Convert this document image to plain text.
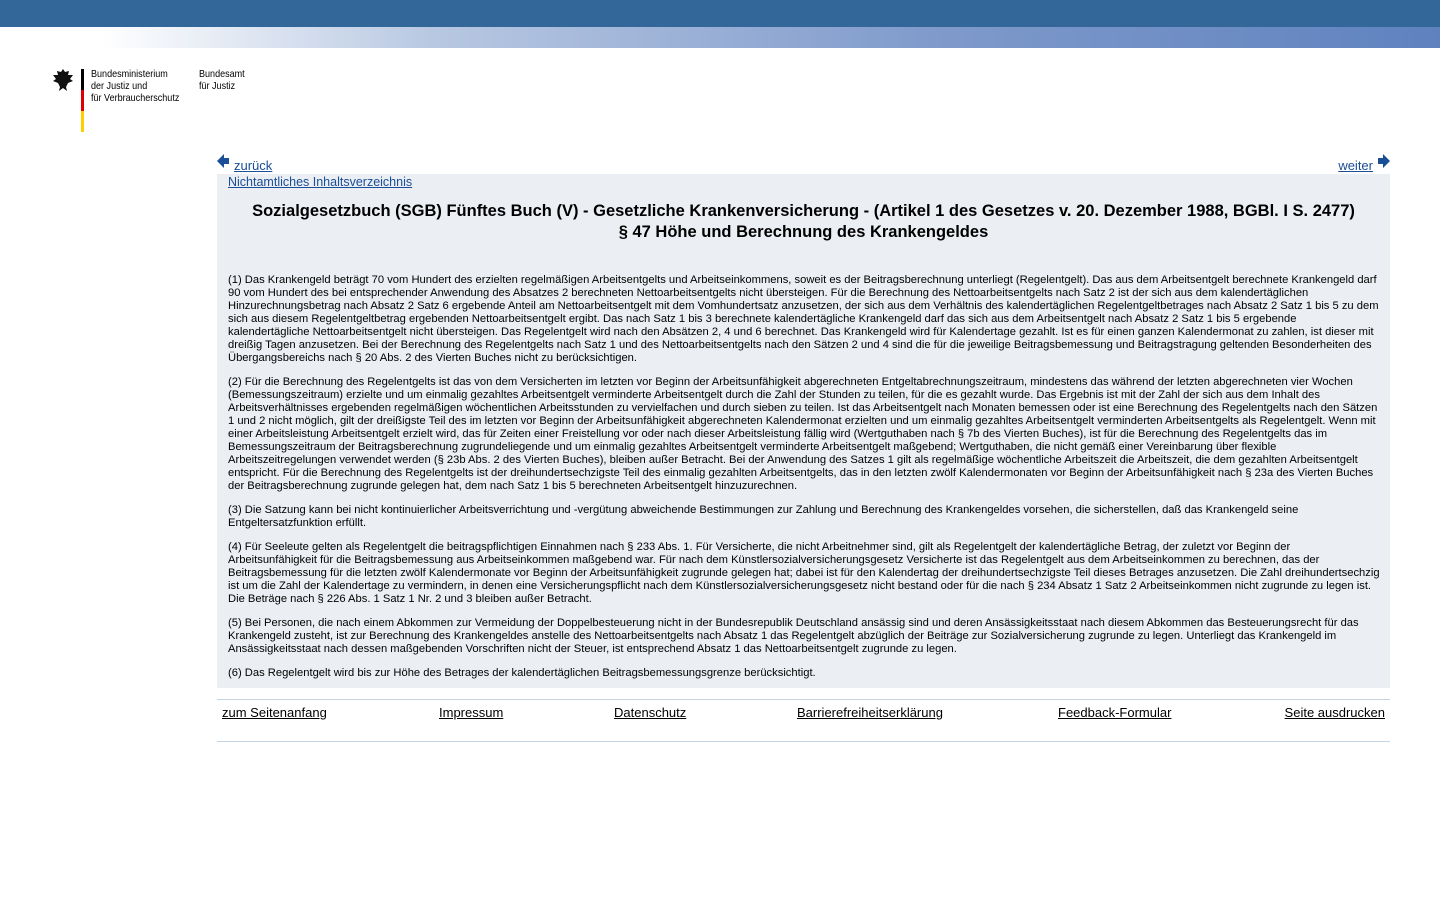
Bundesministerium
der Justiz und
für Verbraucherschutz
Bundesamt
für Justiz
zurück	weiter
Nichtamtliches Inhaltsverzeichnis
Sozialgesetzbuch (SGB) Fünftes Buch (V) - Gesetzliche Krankenversicherung - (Artikel 1 des Gesetzes v. 20. Dezember 1988, BGBl. I S. 2477)
§ 47 Höhe und Berechnung des Krankengeldes

(1) Das Krankengeld beträgt 70 vom Hundert des erzielten regelmäßigen Arbeitsentgelts und Arbeitseinkommens, soweit es der Beitragsberechnung unterliegt (Regelentgelt). Das aus dem Arbeitsentgelt berechnete Krankengeld darf 90 vom Hundert des bei entsprechender Anwendung des Absatzes 2 berechneten Nettoarbeitsentgelts nicht übersteigen. Für die Berechnung des Nettoarbeitsentgelts nach Satz 2 ist der sich aus dem kalendertäglichen Hinzurechnungsbetrag nach Absatz 2 Satz 6 ergebende Anteil am Nettoarbeitsentgelt mit dem Vomhundertsatz anzusetzen, der sich aus dem Verhältnis des kalendertäglichen Regelentgeltbetrages nach Absatz 2 Satz 1 bis 5 zu dem sich aus diesem Regelentgeltbetrag ergebenden Nettoarbeitsentgelt ergibt. Das nach Satz 1 bis 3 berechnete kalendertägliche Krankengeld darf das sich aus dem Arbeitsentgelt nach Absatz 2 Satz 1 bis 5 ergebende kalendertägliche Nettoarbeitsentgelt nicht übersteigen. Das Regelentgelt wird nach den Absätzen 2, 4 und 6 berechnet. Das Krankengeld wird für Kalendertage gezahlt. Ist es für einen ganzen Kalendermonat zu zahlen, ist dieser mit dreißig Tagen anzusetzen. Bei der Berechnung des Regelentgelts nach Satz 1 und des Nettoarbeitsentgelts nach den Sätzen 2 und 4 sind die für die jeweilige Beitragsbemessung und Beitragstragung geltenden Besonderheiten des Übergangsbereichs nach § 20 Abs. 2 des Vierten Buches nicht zu berücksichtigen.

(2) Für die Berechnung des Regelentgelts ist das von dem Versicherten im letzten vor Beginn der Arbeitsunfähigkeit abgerechneten Entgeltabrechnungszeitraum, mindestens das während der letzten abgerechneten vier Wochen (Bemessungszeitraum) erzielte und um einmalig gezahltes Arbeitsentgelt verminderte Arbeitsentgelt durch die Zahl der Stunden zu teilen, für die es gezahlt wurde. Das Ergebnis ist mit der Zahl der sich aus dem Inhalt des Arbeitsverhältnisses ergebenden regelmäßigen wöchentlichen Arbeitsstunden zu vervielfachen und durch sieben zu teilen. Ist das Arbeitsentgelt nach Monaten bemessen oder ist eine Berechnung des Regelentgelts nach den Sätzen 1 und 2 nicht möglich, gilt der dreißigste Teil des im letzten vor Beginn der Arbeitsunfähigkeit abgerechneten Kalendermonat erzielten und um einmalig gezahltes Arbeitsentgelt verminderten Arbeitsentgelts als Regelentgelt. Wenn mit einer Arbeitsleistung Arbeitsentgelt erzielt wird, das für Zeiten einer Freistellung vor oder nach dieser Arbeitsleistung fällig wird (Wertguthaben nach § 7b des Vierten Buches), ist für die Berechnung des Regelentgelts das im Bemessungszeitraum der Beitragsberechnung zugrundeliegende und um einmalig gezahltes Arbeitsentgelt verminderte Arbeitsentgelt maßgebend; Wertguthaben, die nicht gemäß einer Vereinbarung über flexible Arbeitszeitregelungen verwendet werden (§ 23b Abs. 2 des Vierten Buches), bleiben außer Betracht. Bei der Anwendung des Satzes 1 gilt als regelmäßige wöchentliche Arbeitszeit die Arbeitszeit, die dem gezahlten Arbeitsentgelt entspricht. Für die Berechnung des Regelentgelts ist der dreihundertsechzigste Teil des einmalig gezahlten Arbeitsentgelts, das in den letzten zwölf Kalendermonaten vor Beginn der Arbeitsunfähigkeit nach § 23a des Vierten Buches der Beitragsberechnung zugrunde gelegen hat, dem nach Satz 1 bis 5 berechneten Arbeitsentgelt hinzuzurechnen.

(3) Die Satzung kann bei nicht kontinuierlicher Arbeitsverrichtung und -vergütung abweichende Bestimmungen zur Zahlung und Berechnung des Krankengeldes vorsehen, die sicherstellen, daß das Krankengeld seine Entgeltersatzfunktion erfüllt.

(4) Für Seeleute gelten als Regelentgelt die beitragspflichtigen Einnahmen nach § 233 Abs. 1. Für Versicherte, die nicht Arbeitnehmer sind, gilt als Regelentgelt der kalendertägliche Betrag, der zuletzt vor Beginn der Arbeitsunfähigkeit für die Beitragsbemessung aus Arbeitseinkommen maßgebend war. Für nach dem Künstlersozialversicherungsgesetz Versicherte ist das Regelentgelt aus dem Arbeitseinkommen zu berechnen, das der Beitragsbemessung für die letzten zwölf Kalendermonate vor Beginn der Arbeitsunfähigkeit zugrunde gelegen hat; dabei ist für den Kalendertag der dreihundertsechzigste Teil dieses Betrages anzusetzen. Die Zahl dreihundertsechzig ist um die Zahl der Kalendertage zu vermindern, in denen eine Versicherungspflicht nach dem Künstlersozialversicherungsgesetz nicht bestand oder für die nach § 234 Absatz 1 Satz 2 Arbeitseinkommen nicht zugrunde zu legen ist. Die Beträge nach § 226 Abs. 1 Satz 1 Nr. 2 und 3 bleiben außer Betracht.

(5) Bei Personen, die nach einem Abkommen zur Vermeidung der Doppelbesteuerung nicht in der Bundesrepublik Deutschland ansässig sind und deren Ansässigkeitsstaat nach diesem Abkommen das Besteuerungsrecht für das Krankengeld zusteht, ist zur Berechnung des Krankengeldes anstelle des Nettoarbeitsentgelts nach Absatz 1 das Regelentgelt abzüglich der Beiträge zur Sozialversicherung zugrunde zu legen. Unterliegt das Krankengeld im Ansässigkeitsstaat nach dessen maßgebenden Vorschriften nicht der Steuer, ist entsprechend Absatz 1 das Nettoarbeitsentgelt zugrunde zu legen.

(6) Das Regelentgelt wird bis zur Höhe des Betrages der kalendertäglichen Beitragsbemessungsgrenze berücksichtigt.

zum Seitenanfang	Impressum	Datenschutz	Barrierefreiheitserklärung	Feedback-Formular	Seite ausdrucken
